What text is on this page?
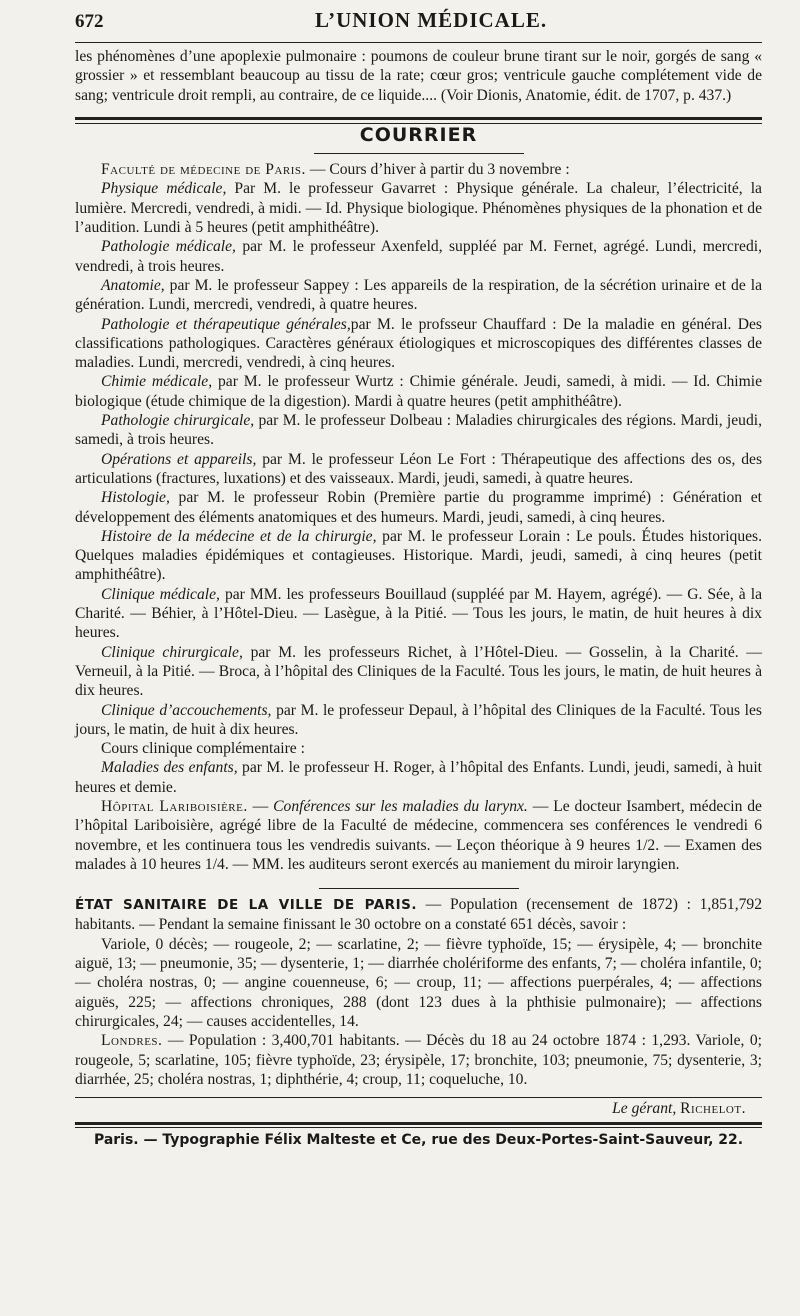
672	L’UNION MÉDICALE.

les phénomènes d’une apoplexie pulmonaire : poumons de couleur brune tirant sur le noir, gorgés de sang « grossier » et ressemblant beaucoup au tissu de la rate; cœur gros; ventricule gauche complétement vide de sang; ventricule droit rempli, au contraire, de ce liquide.... (Voir Dionis, Anatomie, édit. de 1707, p. 437.)

COURRIER

Faculté de médecine de Paris. — Cours d’hiver à partir du 3 novembre :

Physique médicale, Par M. le professeur Gavarret : Physique générale. La chaleur, l’électricité, la lumière. Mercredi, vendredi, à midi. — Id. Physique biologique. Phénomènes physiques de la phonation et de l’audition. Lundi à 5 heures (petit amphithéâtre).

Pathologie médicale, par M. le professeur Axenfeld, suppléé par M. Fernet, agrégé. Lundi, mercredi, vendredi, à trois heures.

Anatomie, par M. le professeur Sappey : Les appareils de la respiration, de la sécrétion urinaire et de la génération. Lundi, mercredi, vendredi, à quatre heures.

Pathologie et thérapeutique générales,par M. le profsseur Chauffard : De la maladie en général. Des classifications pathologiques. Caractères généraux étiologiques et microscopiques des différentes classes de maladies. Lundi, mercredi, vendredi, à cinq heures.

Chimie médicale, par M. le professeur Wurtz : Chimie générale. Jeudi, samedi, à midi. — Id. Chimie biologique (étude chimique de la digestion). Mardi à quatre heures (petit amphithéâtre).

Pathologie chirurgicale, par M. le professeur Dolbeau : Maladies chirurgicales des régions. Mardi, jeudi, samedi, à trois heures.

Opérations et appareils, par M. le professeur Léon Le Fort : Thérapeutique des affections des os, des articulations (fractures, luxations) et des vaisseaux. Mardi, jeudi, samedi, à quatre heures.

Histologie, par M. le professeur Robin (Première partie du programme imprimé) : Génération et développement des éléments anatomiques et des humeurs. Mardi, jeudi, samedi, à cinq heures.

Histoire de la médecine et de la chirurgie, par M. le professeur Lorain : Le pouls. Études historiques. Quelques maladies épidémiques et contagieuses. Historique. Mardi, jeudi, samedi, à cinq heures (petit amphithéâtre).

Clinique médicale, par MM. les professeurs Bouillaud (suppléé par M. Hayem, agrégé). — G. Sée, à la Charité. — Béhier, à l’Hôtel-Dieu. — Lasègue, à la Pitié. — Tous les jours, le matin, de huit heures à dix heures.

Clinique chirurgicale, par M. les professeurs Richet, à l’Hôtel-Dieu. — Gosselin, à la Charité. — Verneuil, à la Pitié. — Broca, à l’hôpital des Cliniques de la Faculté. Tous les jours, le matin, de huit heures à dix heures.

Clinique d’accouchements, par M. le professeur Depaul, à l’hôpital des Cliniques de la Faculté. Tous les jours, le matin, de huit à dix heures.

Cours clinique complémentaire :

Maladies des enfants, par M. le professeur H. Roger, à l’hôpital des Enfants. Lundi, jeudi, samedi, à huit heures et demie.

Hôpital Lariboisière. — Conférences sur les maladies du larynx. — Le docteur Isambert, médecin de l’hôpital Lariboisière, agrégé libre de la Faculté de médecine, commencera ses conférences le vendredi 6 novembre, et les continuera tous les vendredis suivants. — Leçon théorique à 9 heures 1/2. — Examen des malades à 10 heures 1/4. — MM. les auditeurs seront exercés au maniement du miroir laryngien.

ÉTAT SANITAIRE DE LA VILLE DE PARIS. — Population (recensement de 1872) : 1,851,792 habitants. — Pendant la semaine finissant le 30 octobre on a constaté 651 décès, savoir :

Variole, 0 décès; — rougeole, 2; — scarlatine, 2; — fièvre typhoïde, 15; — érysipèle, 4; — bronchite aiguë, 13; — pneumonie, 35; — dysenterie, 1; — diarrhée cholériforme des enfants, 7; — choléra infantile, 0; — choléra nostras, 0; — angine couenneuse, 6; — croup, 11; — affections puerpérales, 4; — affections aiguës, 225; — affections chroniques, 288 (dont 123 dues à la phthisie pulmonaire); — affections chirurgicales, 24; — causes accidentelles, 14.

Londres. — Population : 3,400,701 habitants. — Décès du 18 au 24 octobre 1874 : 1,293. Variole, 0; rougeole, 5; scarlatine, 105; fièvre typhoïde, 23; érysipèle, 17; bronchite, 103; pneumonie, 75; dysenterie, 3; diarrhée, 25; choléra nostras, 1; diphthérie, 4; croup, 11; coqueluche, 10.

Le gérant, Richelot.
Paris. — Typographie Félix Malteste et Ce, rue des Deux-Portes-Saint-Sauveur, 22.
